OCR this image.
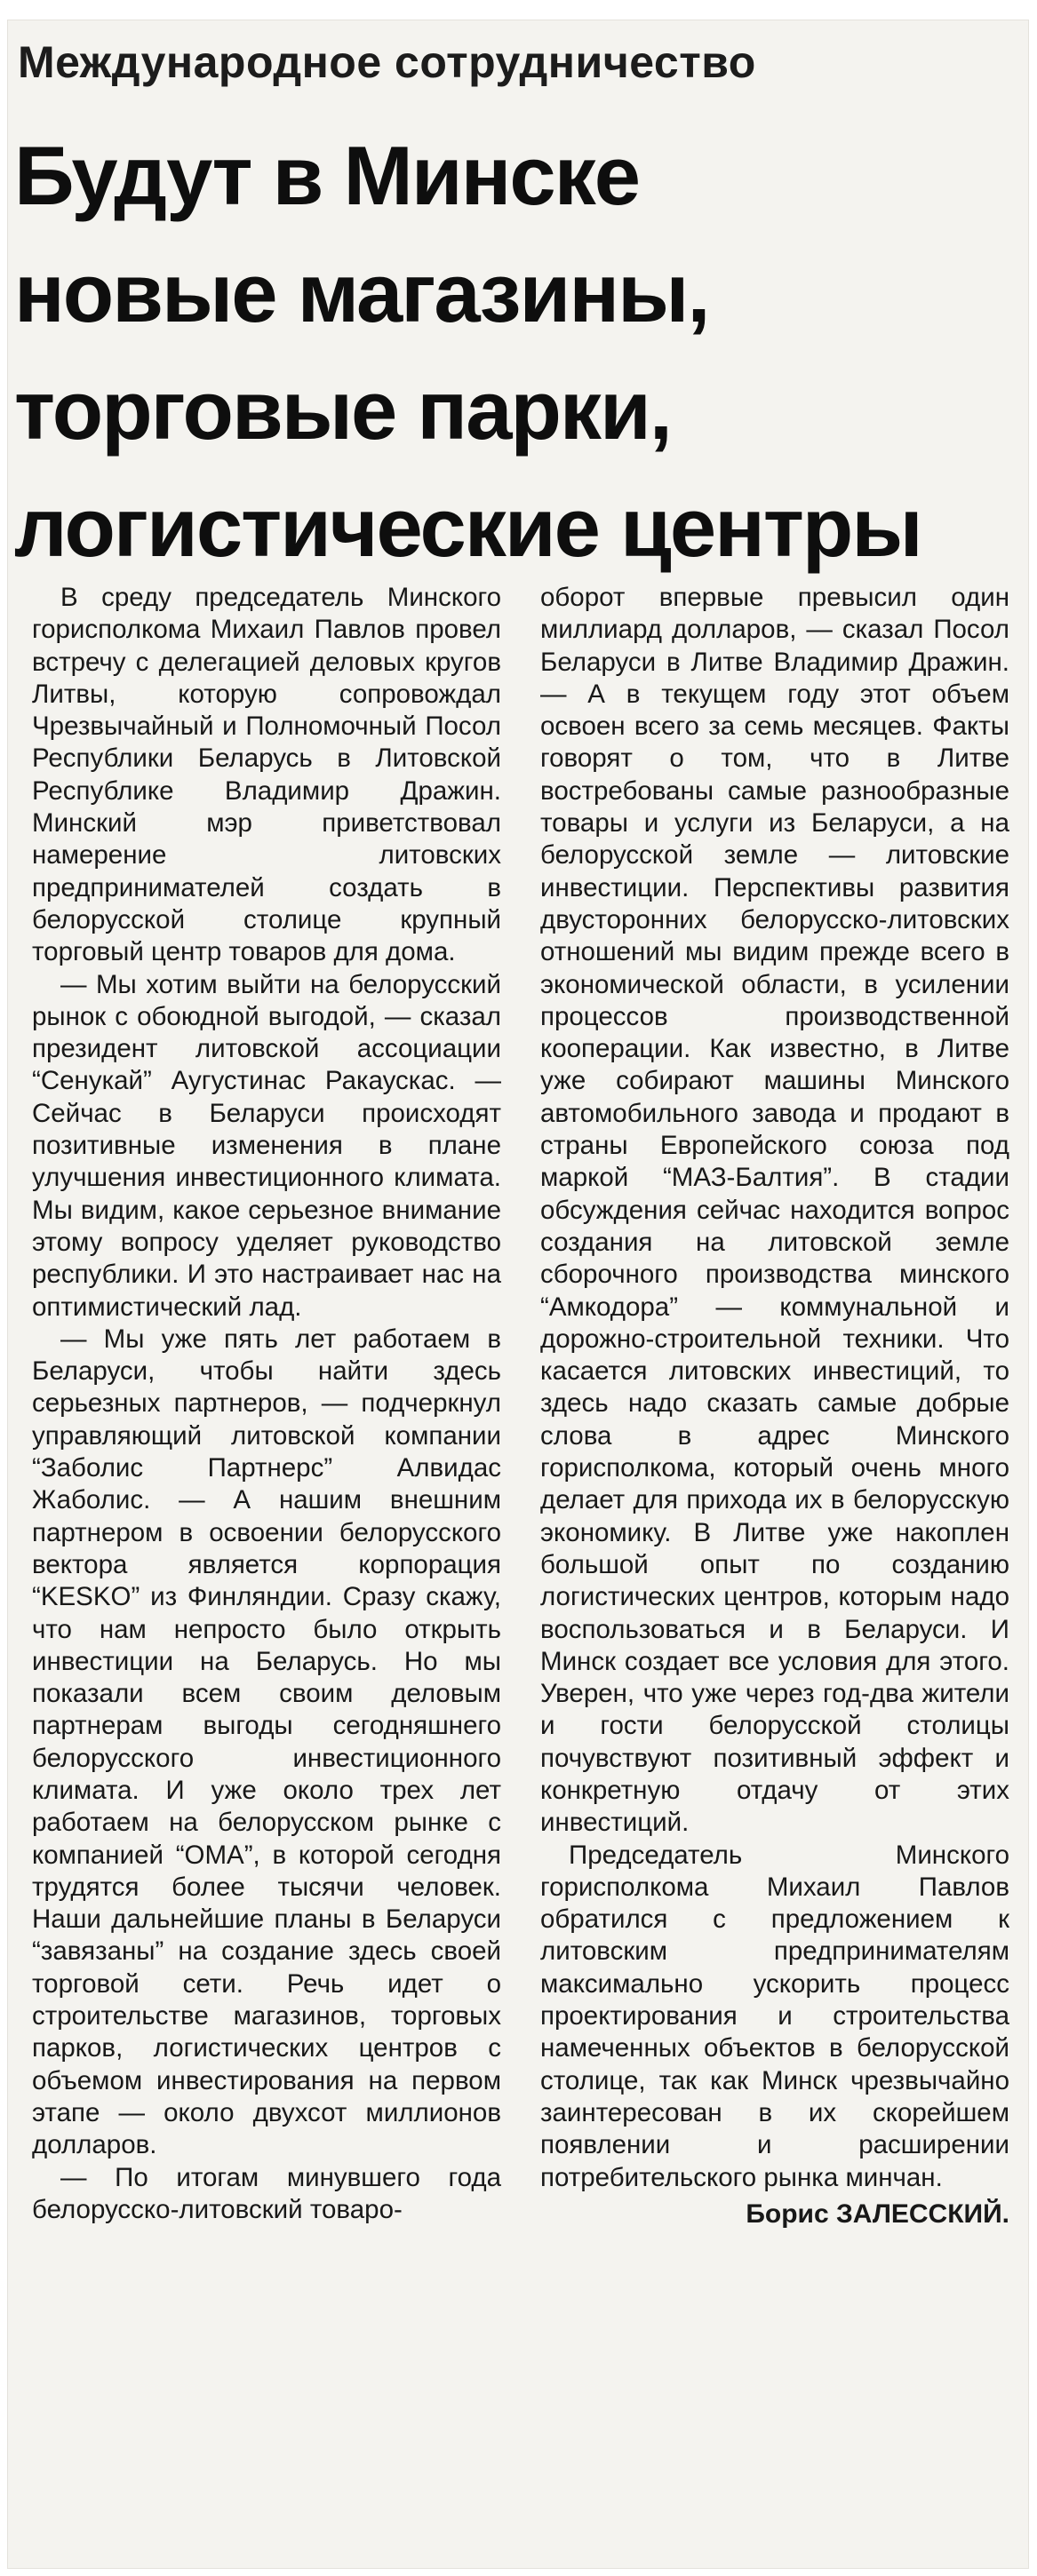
Международное сотрудничество
Будут в Минске
новые магазины,
торговые парки,
логистические центры

В среду председатель Минского горисполкома Михаил Павлов провел встречу с делегацией деловых кругов Литвы, которую сопровождал Чрезвычайный и Полномочный Посол Республики Беларусь в Литовской Республике Владимир Дражин. Минский мэр приветствовал намерение литовских предпринимателей создать в белорусской столице крупный торговый центр товаров для дома.

— Мы хотим выйти на белорусский рынок с обоюдной выгодой, — сказал президент литовской ассоциации “Сенукай” Аугустинас Ракаускас. — Сейчас в Беларуси происходят позитивные изменения в плане улучшения инвестиционного климата. Мы видим, какое серьезное внимание этому вопросу уделяет руководство республики. И это настраивает нас на оптимистический лад.

— Мы уже пять лет работаем в Беларуси, чтобы найти здесь серьезных партнеров, — подчеркнул управляющий литовской компании “Заболис Партнерс” Алвидас Жаболис. — А нашим внешним партнером в освоении белорусского вектора является корпорация “KESKO” из Финляндии. Сразу скажу, что нам непросто было открыть инвестиции на Беларусь. Но мы показали всем своим деловым партнерам выгоды сегодняшнего белорусского инвестиционного климата. И уже около трех лет работаем на белорусском рынке с компанией “ОМА”, в которой сегодня трудятся более тысячи человек. Наши дальнейшие планы в Беларуси “завязаны” на создание здесь своей торговой сети. Речь идет о строительстве магазинов, торговых парков, логистических центров с объемом инвестирования на первом этапе — около двухсот миллионов долларов.

— По итогам минувшего года белорусско-литовский товаро-

оборот впервые превысил один миллиард долларов, — сказал Посол Беларуси в Литве Владимир Дражин. — А в текущем году этот объем освоен всего за семь месяцев. Факты говорят о том, что в Литве востребованы самые разнообразные товары и услуги из Беларуси, а на белорусской земле — литовские инвестиции. Перспективы развития двусторонних белорусско-литовских отношений мы видим прежде всего в экономической области, в усилении процессов производственной кооперации. Как известно, в Литве уже собирают машины Минского автомобильного завода и продают в страны Европейского союза под маркой “МАЗ-Балтия”. В стадии обсуждения сейчас находится вопрос создания на литовской земле сборочного производства минского “Амкодора” — коммунальной и дорожно-строительной техники. Что касается литовских инвестиций, то здесь надо сказать самые добрые слова в адрес Минского горисполкома, который очень много делает для прихода их в белорусскую экономику. В Литве уже накоплен большой опыт по созданию логистических центров, которым надо воспользоваться и в Беларуси. И Минск создает все условия для этого. Уверен, что уже через год-два жители и гости белорусской столицы почувствуют позитивный эффект и конкретную отдачу от этих инвестиций.

Председатель Минского горисполкома Михаил Павлов обратился с предложением к литовским предпринимателям максимально ускорить процесс проектирования и строительства намеченных объектов в белорусской столице, так как Минск чрезвычайно заинтересован в их скорейшем появлении и расширении потребительского рынка минчан.

Борис ЗАЛЕССКИЙ.
